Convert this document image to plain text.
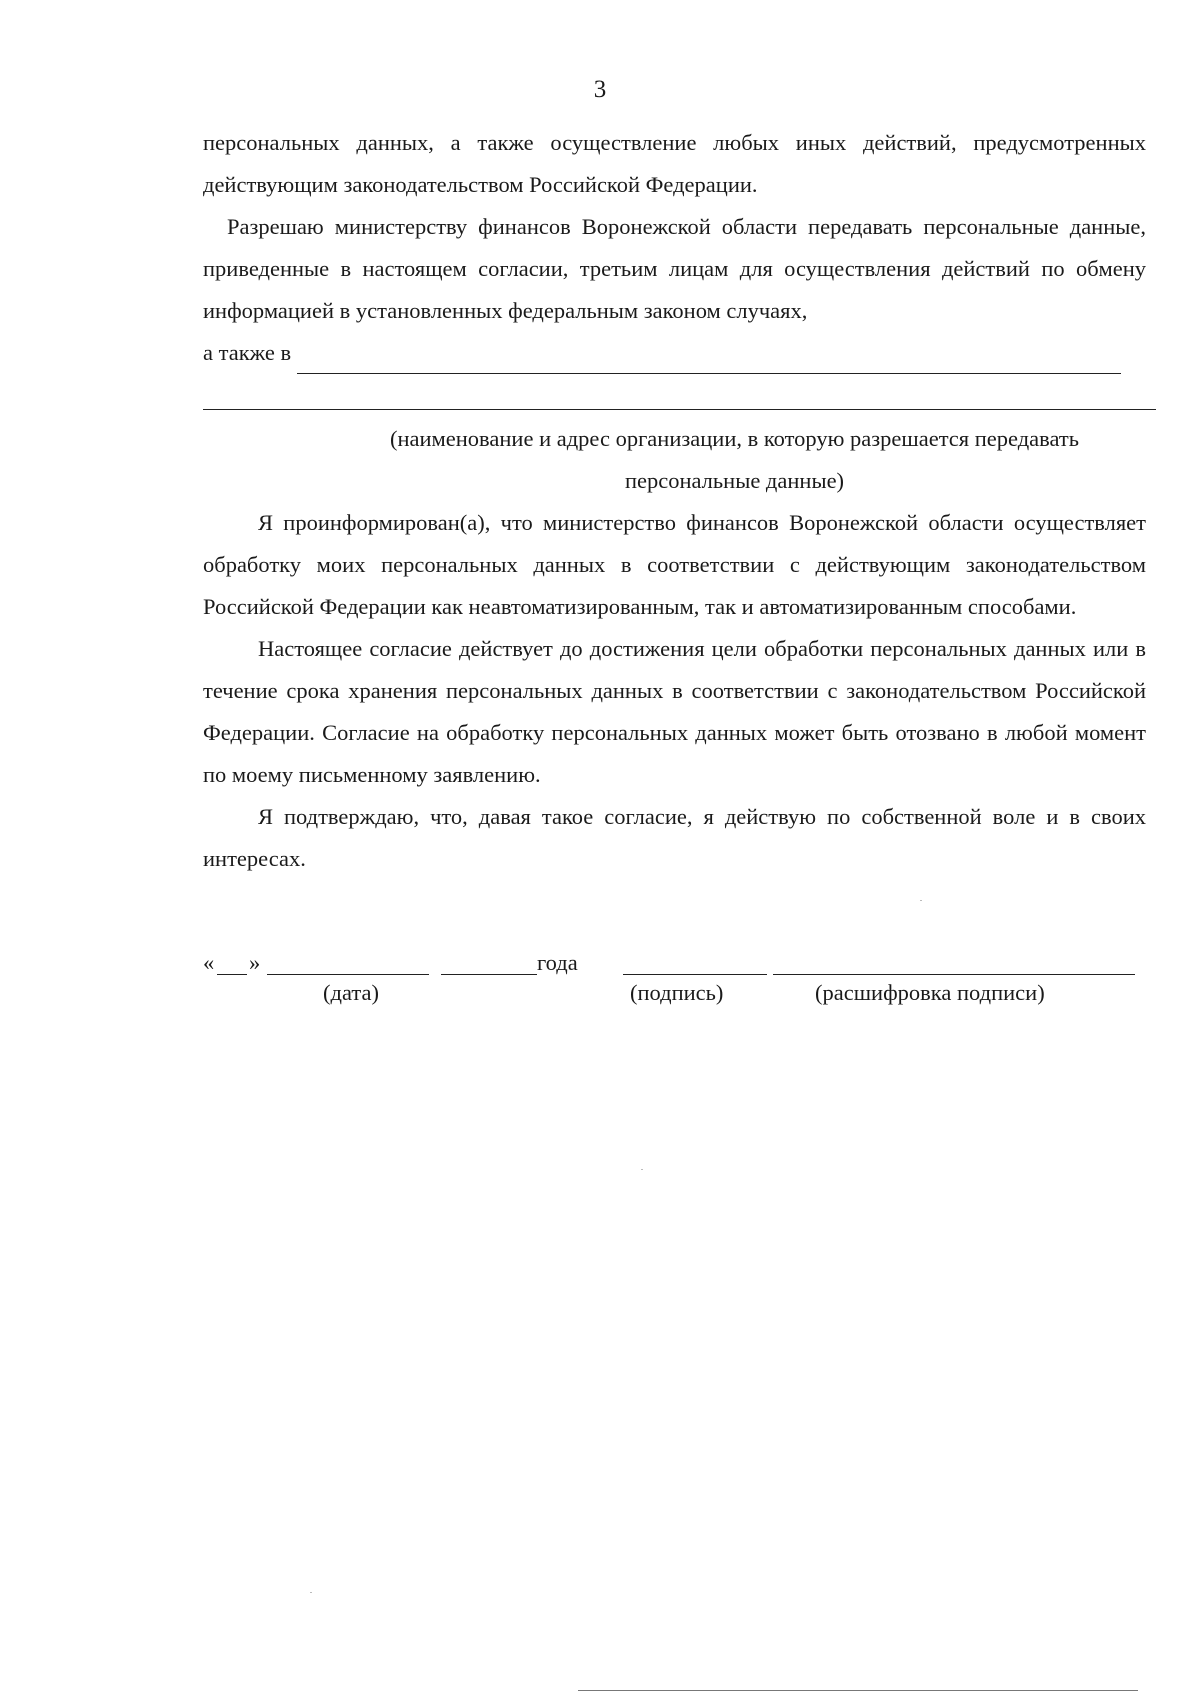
3

персональных данных, а также осуществление любых иных действий, предусмотренных действующим законодательством Российской Федерации.

Разрешаю министерству финансов Воронежской области передавать персональные данные, приведенные в настоящем согласии, третьим лицам для осуществления действий по обмену информацией в установленных федеральным законом случаях,

а также в
(наименование и адрес организации, в которую разрешается передавать
персональные данные)

Я проинформирован(а), что министерство финансов Воронежской области осуществляет обработку моих персональных данных в соответствии с действующим законодательством Российской Федерации как неавтоматизированным, так и автоматизированным способами.

Настоящее согласие действует до достижения цели обработки персональных данных или в течение срока хранения персональных данных в соответствии с законодательством Российской Федерации. Согласие на обработку персональных данных может быть отозвано в любой момент по моему письменному заявлению.

Я подтверждаю, что, давая такое согласие, я действую по собственной воле и в своих интересах.

« »	года
(дата)	(подпись)	(расшифровка подписи)
